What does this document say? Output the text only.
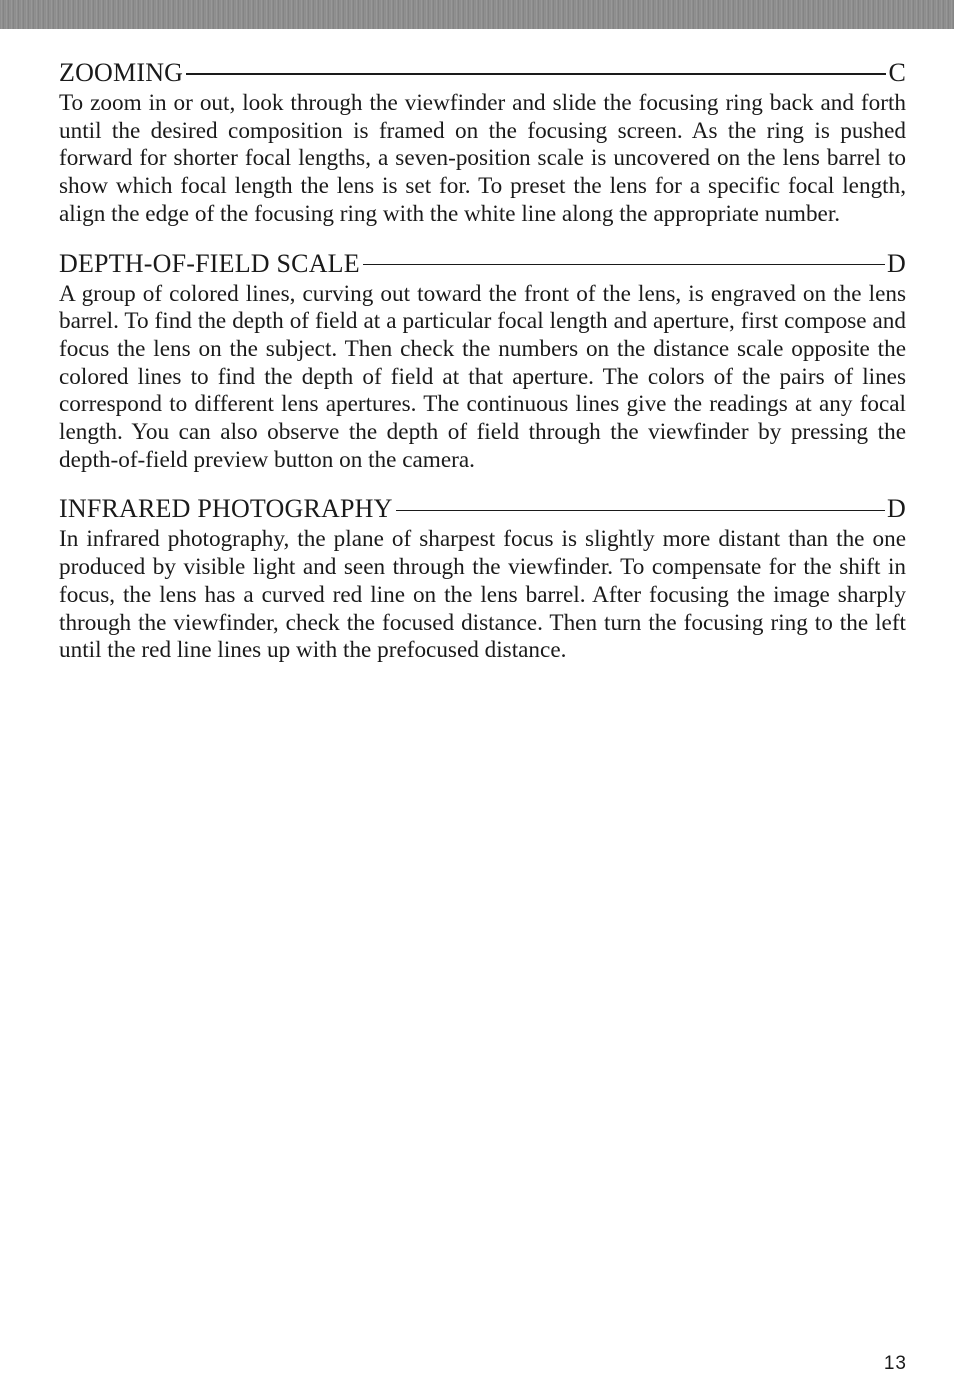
ZOOMING	C

To zoom in or out, look through the viewfinder and slide the focusing ring back and forth until the desired composition is framed on the focusing screen. As the ring is pushed forward for shorter focal lengths, a seven-position scale is uncovered on the lens barrel to show which focal length the lens is set for. To preset the lens for a specific focal length, align the edge of the focusing ring with the white line along the appropriate number.

DEPTH-OF-FIELD SCALE	D

A group of colored lines, curving out toward the front of the lens, is engraved on the lens barrel. To find the depth of field at a particular focal length and aperture, first compose and focus the lens on the subject. Then check the numbers on the distance scale opposite the colored lines to find the depth of field at that aperture. The colors of the pairs of lines correspond to different lens apertures. The continuous lines give the readings at any focal length. You can also observe the depth of field through the viewfinder by pressing the depth-of-field preview button on the camera.

INFRARED PHOTOGRAPHY	D

In infrared photography, the plane of sharpest focus is slightly more distant than the one produced by visible light and seen through the viewfinder. To compensate for the shift in focus, the lens has a curved red line on the lens barrel. After focusing the image sharply through the viewfinder, check the focused distance. Then turn the focusing ring to the left until the red line lines up with the prefocused distance.

13
